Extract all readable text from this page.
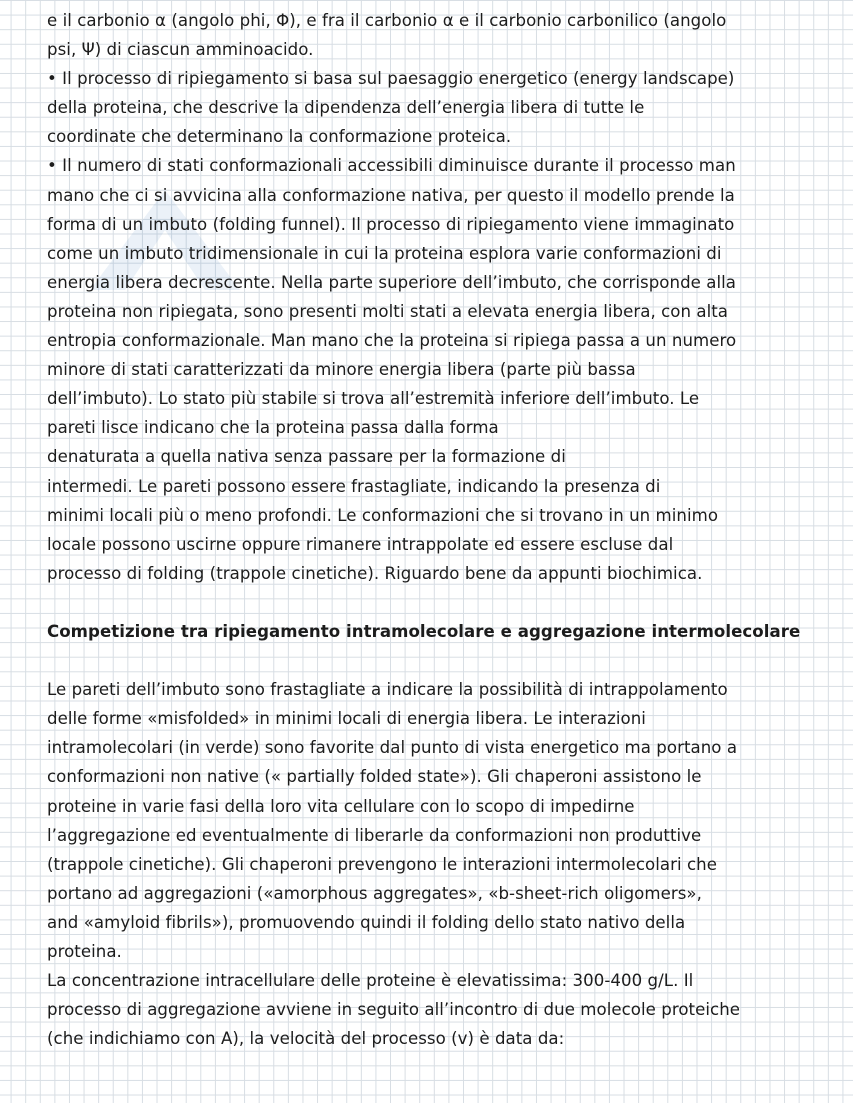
e il carbonio α (angolo phi, Φ), e fra il carbonio α e il carbonio carbonilico (angolo
psi, Ψ) di ciascun amminoacido.
• Il processo di ripiegamento si basa sul paesaggio energetico (energy landscape)
della proteina, che descrive la dipendenza dell’energia libera di tutte le
coordinate che determinano la conformazione proteica.
• Il numero di stati conformazionali accessibili diminuisce durante il processo man
mano che ci si avvicina alla conformazione nativa, per questo il modello prende la
forma di un imbuto (folding funnel). Il processo di ripiegamento viene immaginato
come un imbuto tridimensionale in cui la proteina esplora varie conformazioni di
energia libera decrescente. Nella parte superiore dell’imbuto, che corrisponde alla
proteina non ripiegata, sono presenti molti stati a elevata energia libera, con alta
entropia conformazionale. Man mano che la proteina si ripiega passa a un numero
minore di stati caratterizzati da minore energia libera (parte più bassa
dell’imbuto). Lo stato più stabile si trova all’estremità inferiore dell’imbuto. Le
pareti lisce indicano che la proteina passa dalla forma
denaturata a quella nativa senza passare per la formazione di
intermedi. Le pareti possono essere frastagliate, indicando la presenza di
minimi locali più o meno profondi. Le conformazioni che si trovano in un minimo
locale possono uscirne oppure rimanere intrappolate ed essere escluse dal
processo di folding (trappole cinetiche). Riguardo bene da appunti biochimica.
Competizione tra ripiegamento intramolecolare e aggregazione intermolecolare
Le pareti dell’imbuto sono frastagliate a indicare la possibilità di intrappolamento
delle forme «misfolded» in minimi locali di energia libera. Le interazioni
intramolecolari (in verde) sono favorite dal punto di vista energetico ma portano a
conformazioni non native (« partially folded state»). Gli chaperoni assistono le
proteine in varie fasi della loro vita cellulare con lo scopo di impedirne
l’aggregazione ed eventualmente di liberarle da conformazioni non produttive
(trappole cinetiche). Gli chaperoni prevengono le interazioni intermolecolari che
portano ad aggregazioni («amorphous aggregates», «b-sheet-rich oligomers»,
and «amyloid fibrils»), promuovendo quindi il folding dello stato nativo della
proteina.
La concentrazione intracellulare delle proteine è elevatissima: 300-400 g/L. Il
processo di aggregazione avviene in seguito all’incontro di due molecole proteiche
(che indichiamo con A), la velocità del processo (v) è data da:
